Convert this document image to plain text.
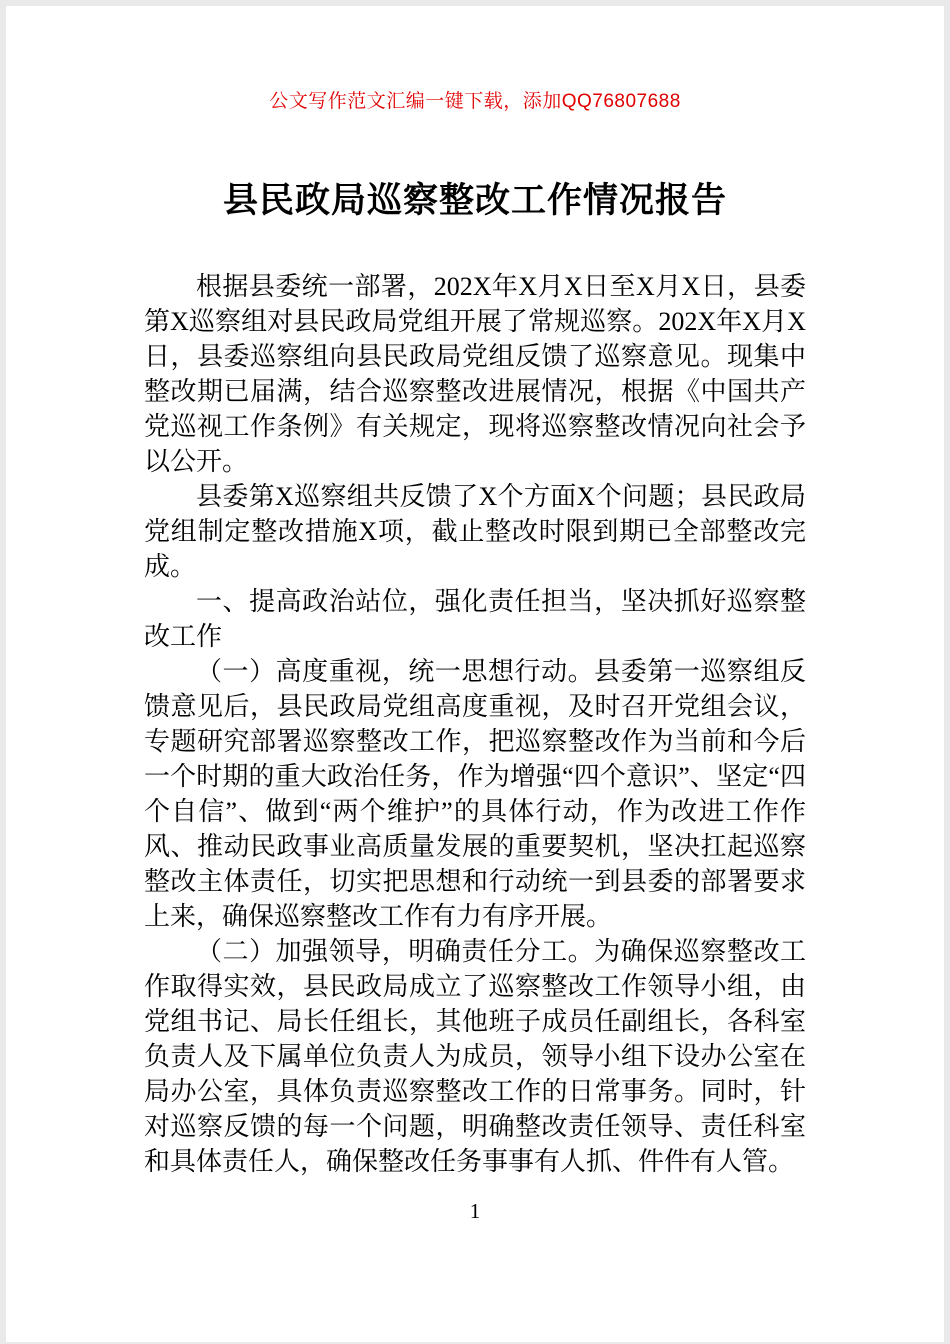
公文写作范文汇编一键下载，添加QQ76807688
县民政局巡察整改工作情况报告

根据县委统一部署，202X年X月X日至X月X日，县委第X巡察组对县民政局党组开展了常规巡察。202X年X月X日，县委巡察组向县民政局党组反馈了巡察意见。现集中整改期已届满，结合巡察整改进展情况，根据《中国共产党巡视工作条例》有关规定，现将巡察整改情况向社会予以公开。

县委第X巡察组共反馈了X个方面X个问题；县民政局党组制定整改措施X项，截止整改时限到期已全部整改完成。

一、提高政治站位，强化责任担当，坚决抓好巡察整改工作

（一）高度重视，统一思想行动。县委第一巡察组反馈意见后，县民政局党组高度重视，及时召开党组会议，专题研究部署巡察整改工作，把巡察整改作为当前和今后一个时期的重大政治任务，作为增强“四个意识”、坚定“四个自信”、做到“两个维护”的具体行动，作为改进工作作风、推动民政事业高质量发展的重要契机，坚决扛起巡察整改主体责任，切实把思想和行动统一到县委的部署要求上来，确保巡察整改工作有力有序开展。

（二）加强领导，明确责任分工。为确保巡察整改工作取得实效，县民政局成立了巡察整改工作领导小组，由党组书记、局长任组长，其他班子成员任副组长，各科室负责人及下属单位负责人为成员，领导小组下设办公室在局办公室，具体负责巡察整改工作的日常事务。同时，针对巡察反馈的每一个问题，明确整改责任领导、责任科室和具体责任人，确保整改任务事事有人抓、件件有人管。

1
